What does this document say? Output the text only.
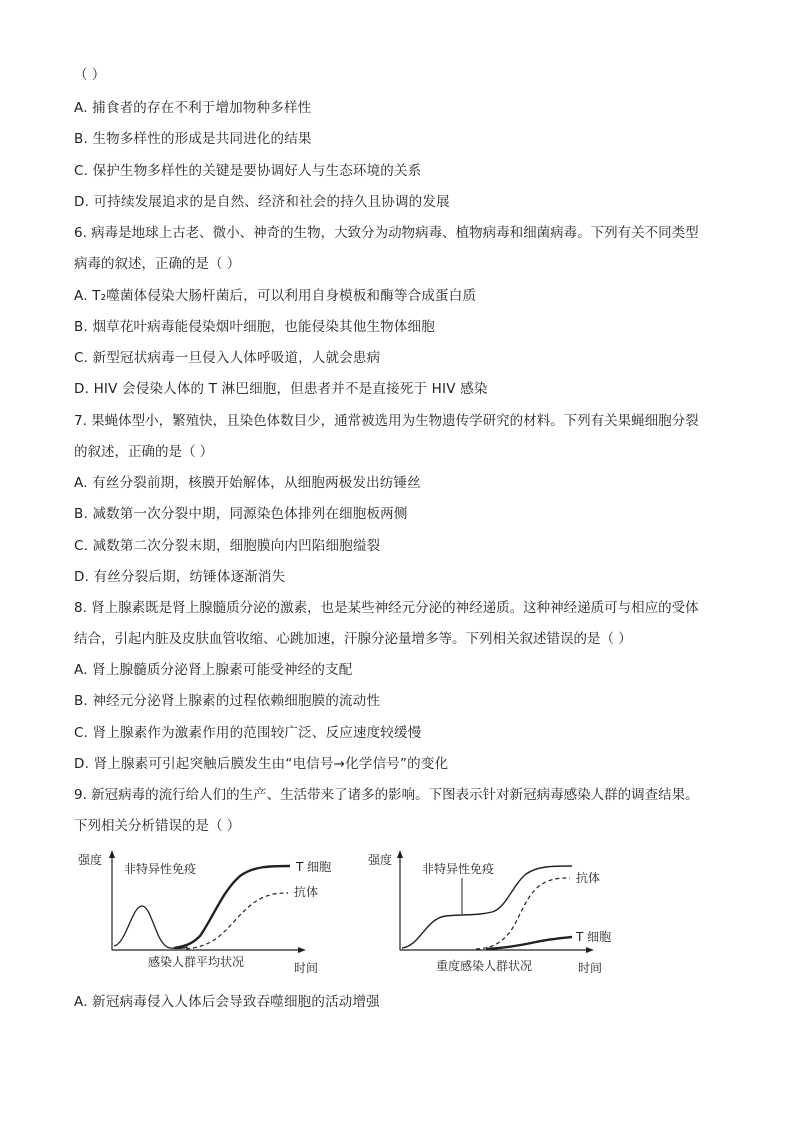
（ ）
A. 捕食者的存在不利于增加物种多样性
B. 生物多样性的形成是共同进化的结果
C. 保护生物多样性的关键是要协调好人与生态环境的关系
D. 可持续发展追求的是自然、经济和社会的持久且协调的发展
6. 病毒是地球上古老、微小、神奇的生物，大致分为动物病毒、植物病毒和细菌病毒。下列有关不同类型
病毒的叙述，正确的是（ ）
A. T₂噬菌体侵染大肠杆菌后，可以利用自身模板和酶等合成蛋白质
B. 烟草花叶病毒能侵染烟叶细胞，也能侵染其他生物体细胞
C. 新型冠状病毒一旦侵入人体呼吸道，人就会患病
D. HIV 会侵染人体的 T 淋巴细胞，但患者并不是直接死于 HIV 感染
7. 果蝇体型小，繁殖快，且染色体数目少，通常被选用为生物遗传学研究的材料。下列有关果蝇细胞分裂
的叙述，正确的是（ ）
A. 有丝分裂前期，核膜开始解体，从细胞两极发出纺锤丝
B. 减数第一次分裂中期，同源染色体排列在细胞板两侧
C. 减数第二次分裂末期，细胞膜向内凹陷细胞缢裂
D. 有丝分裂后期，纺锤体逐渐消失
8. 肾上腺素既是肾上腺髓质分泌的激素，也是某些神经元分泌的神经递质。这种神经递质可与相应的受体
结合，引起内脏及皮肤血管收缩、心跳加速，汗腺分泌量增多等。下列相关叙述错误的是（ ）
A. 肾上腺髓质分泌肾上腺素可能受神经的支配
B. 神经元分泌肾上腺素的过程依赖细胞膜的流动性
C. 肾上腺素作为激素作用的范围较广泛、反应速度较缓慢
D. 肾上腺素可引起突触后膜发生由“电信号→化学信号”的变化
9. 新冠病毒的流行给人们的生产、生活带来了诸多的影响。下图表示针对新冠病毒感染人群的调查结果。
下列相关分析错误的是（ ）
强度
时间
感染人群平均状况
非特异性免疫	T 细胞
抗体
强度
时间
重度感染人群状况
非特异性免疫
抗体
T 细胞
A. 新冠病毒侵入人体后会导致吞噬细胞的活动增强
